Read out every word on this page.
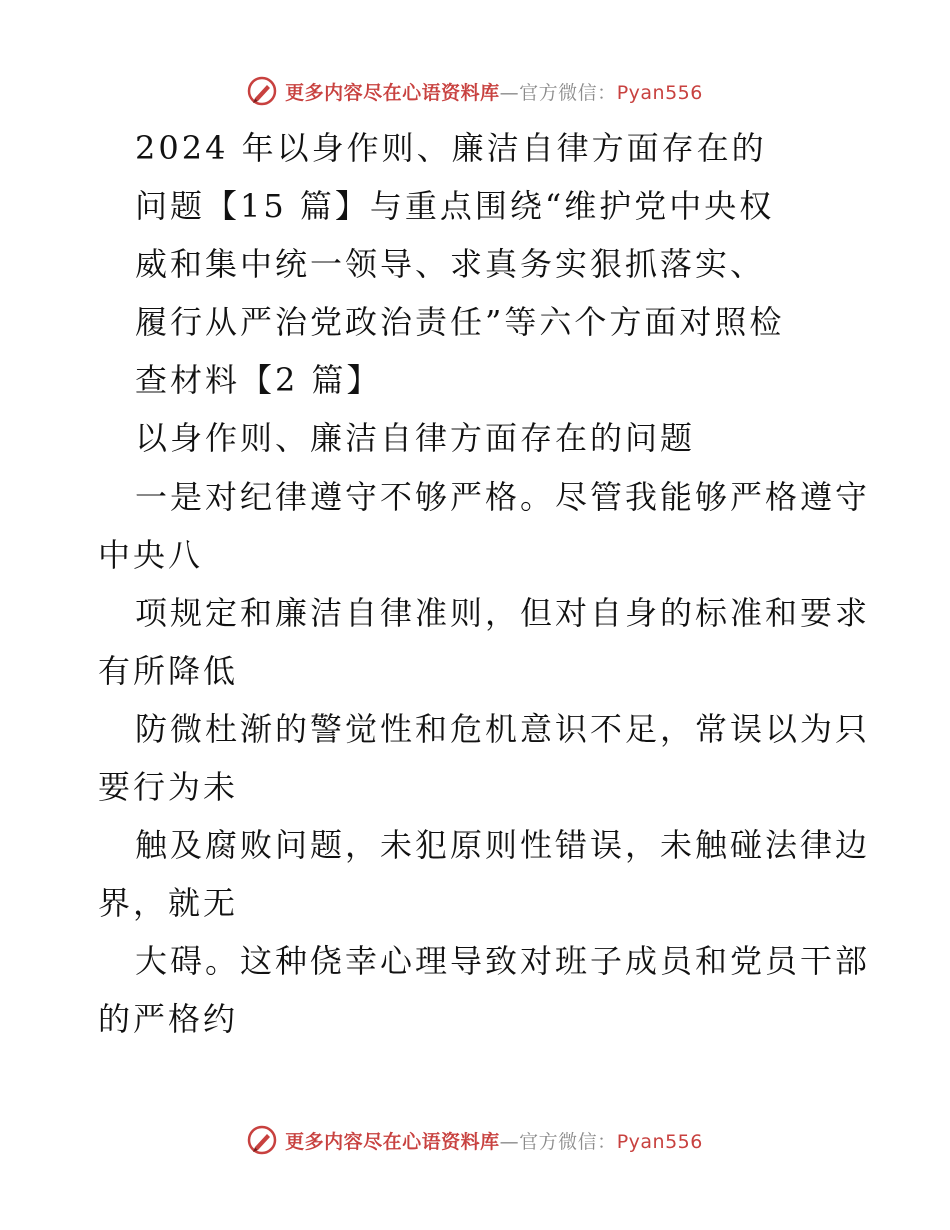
更多内容尽在心语资料库—官方微信：Pyan556
2024 年以身作则、廉洁自律方面存在的
问题【15 篇】与重点围绕“维护党中央权
威和集中统一领导、求真务实狠抓落实、
履行从严治党政治责任”等六个方面对照检
查材料【2 篇】
以身作则、廉洁自律方面存在的问题
一是对纪律遵守不够严格。尽管我能够严格遵守
中央八
项规定和廉洁自律准则，但对自身的标准和要求
有所降低
防微杜渐的警觉性和危机意识不足，常误以为只
要行为未
触及腐败问题，未犯原则性错误，未触碰法律边
界，就无
大碍。这种侥幸心理导致对班子成员和党员干部
的严格约
更多内容尽在心语资料库—官方微信：Pyan556
